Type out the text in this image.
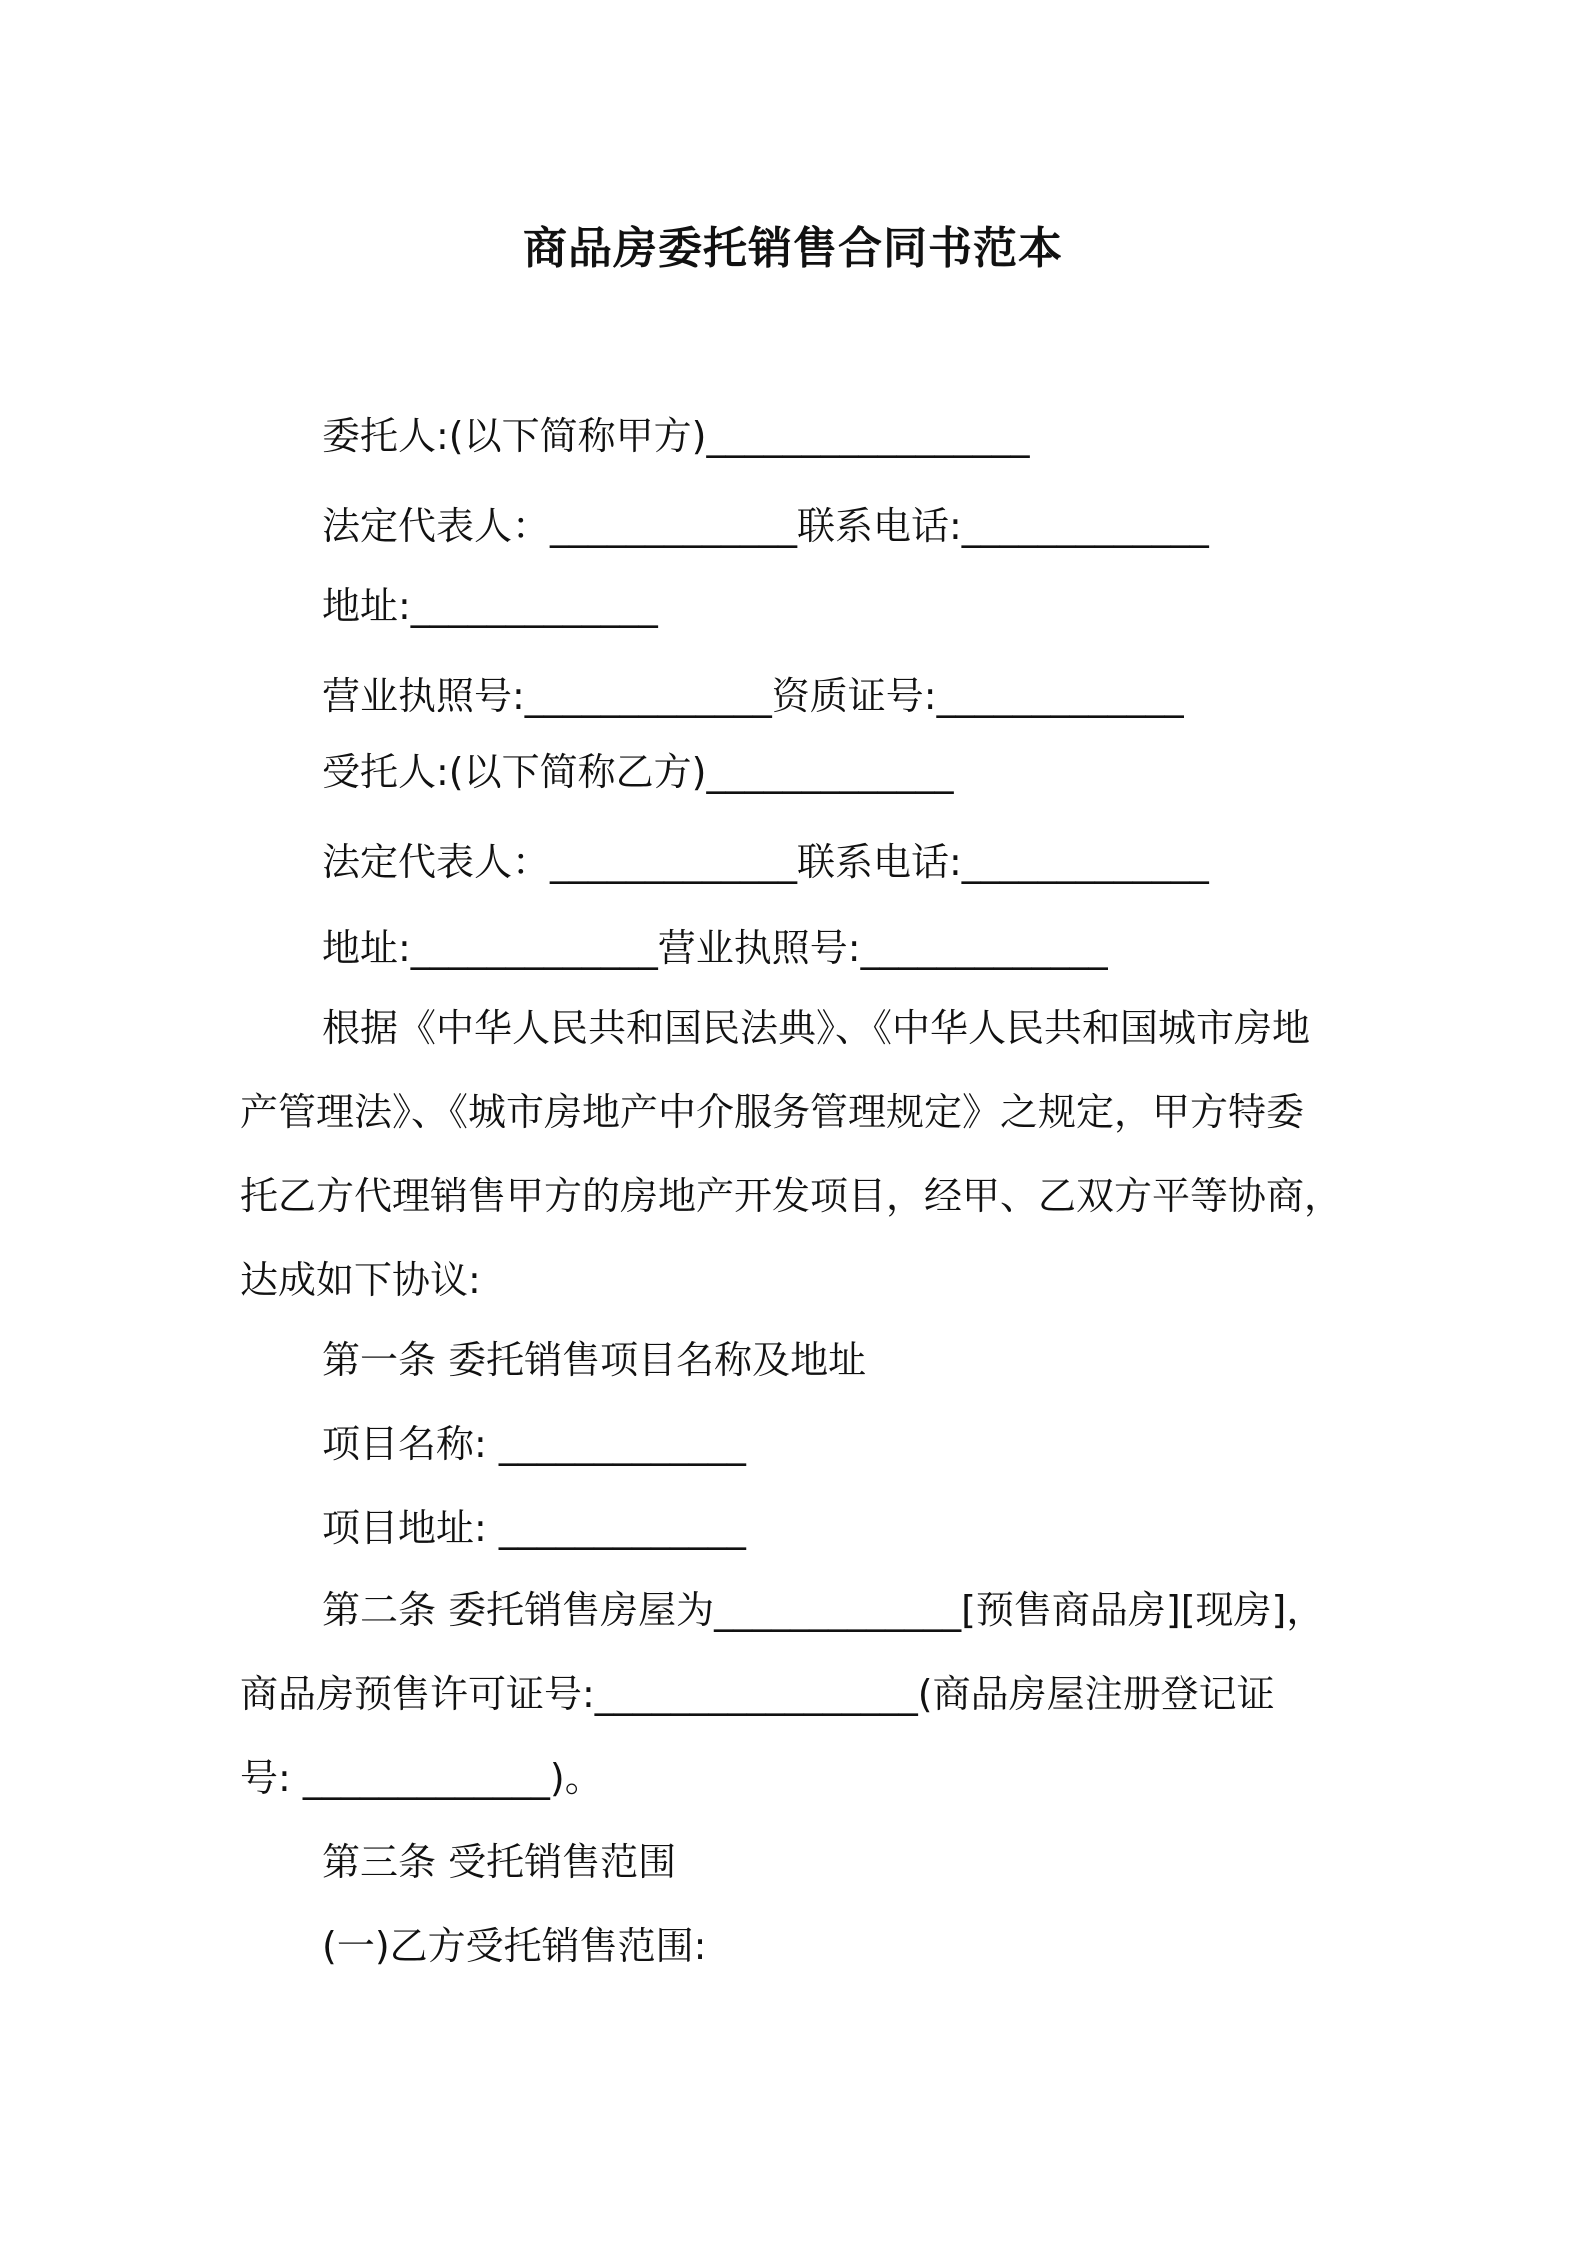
商品房委托销售合同书范本
委托人:(以下简称甲方)_________________
法定代表人：_____________联系电话:_____________
地址:_____________
营业执照号:_____________资质证号:_____________
受托人:(以下简称乙方)_____________
法定代表人：_____________联系电话:_____________
地址:_____________营业执照号:_____________
根据《中华人民共和国民法典》、《中华人民共和国城市房地
产管理法》、《城市房地产中介服务管理规定》之规定，甲方特委
托乙方代理销售甲方的房地产开发项目，经甲、乙双方平等协商，
达成如下协议:
第一条 委托销售项目名称及地址
项目名称: _____________
项目地址: _____________
第二条 委托销售房屋为_____________[预售商品房][现房]，
商品房预售许可证号:_________________(商品房屋注册登记证
号: _____________)。
第三条 受托销售范围
(一)乙方受托销售范围:
